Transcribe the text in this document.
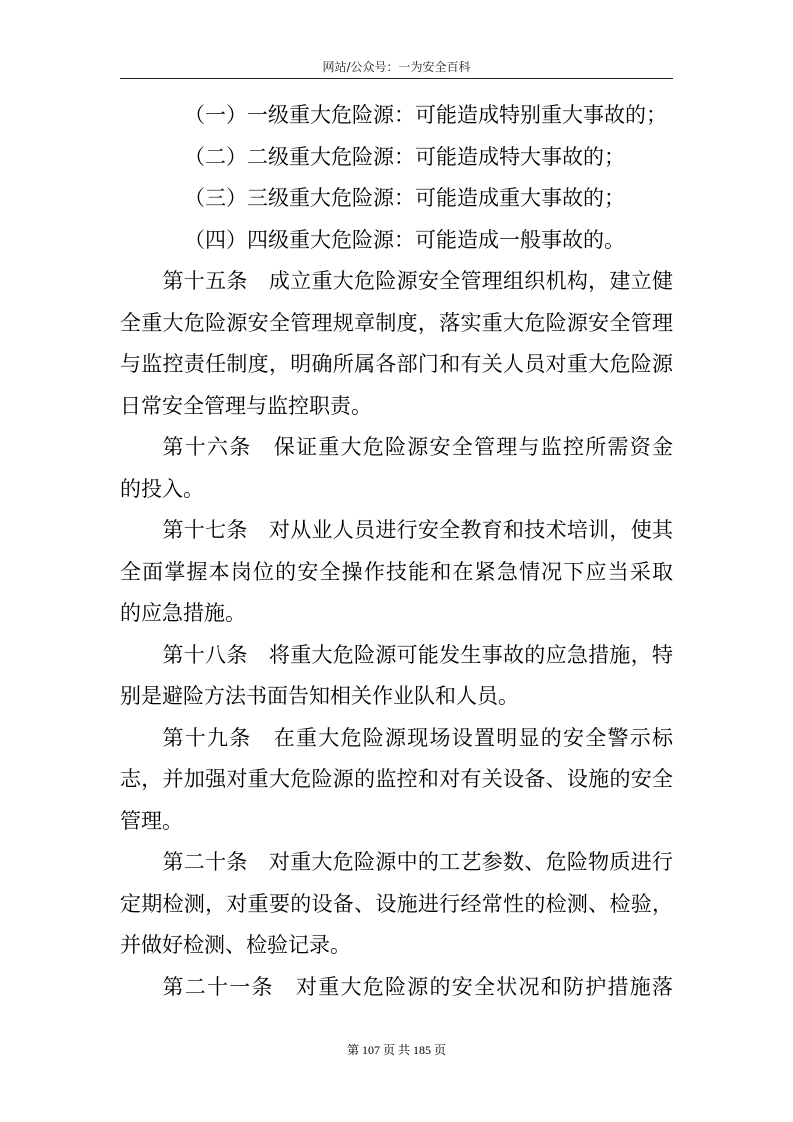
网站/公众号：一为安全百科
（一）一级重大危险源：可能造成特别重大事故的；
（二）二级重大危险源：可能造成特大事故的；
（三）三级重大危险源：可能造成重大事故的；
（四）四级重大危险源：可能造成一般事故的。
第十五条　成立重大危险源安全管理组织机构，建立健
全重大危险源安全管理规章制度，落实重大危险源安全管理
与监控责任制度，明确所属各部门和有关人员对重大危险源
日常安全管理与监控职责。
第十六条　保证重大危险源安全管理与监控所需资金
的投入。
第十七条　对从业人员进行安全教育和技术培训，使其
全面掌握本岗位的安全操作技能和在紧急情况下应当采取
的应急措施。
第十八条　将重大危险源可能发生事故的应急措施，特
别是避险方法书面告知相关作业队和人员。
第十九条　在重大危险源现场设置明显的安全警示标
志，并加强对重大危险源的监控和对有关设备、设施的安全
管理。
第二十条　对重大危险源中的工艺参数、危险物质进行
定期检测，对重要的设备、设施进行经常性的检测、检验，
并做好检测、检验记录。
第二十一条　对重大危险源的安全状况和防护措施落
第 107 页 共 185 页
